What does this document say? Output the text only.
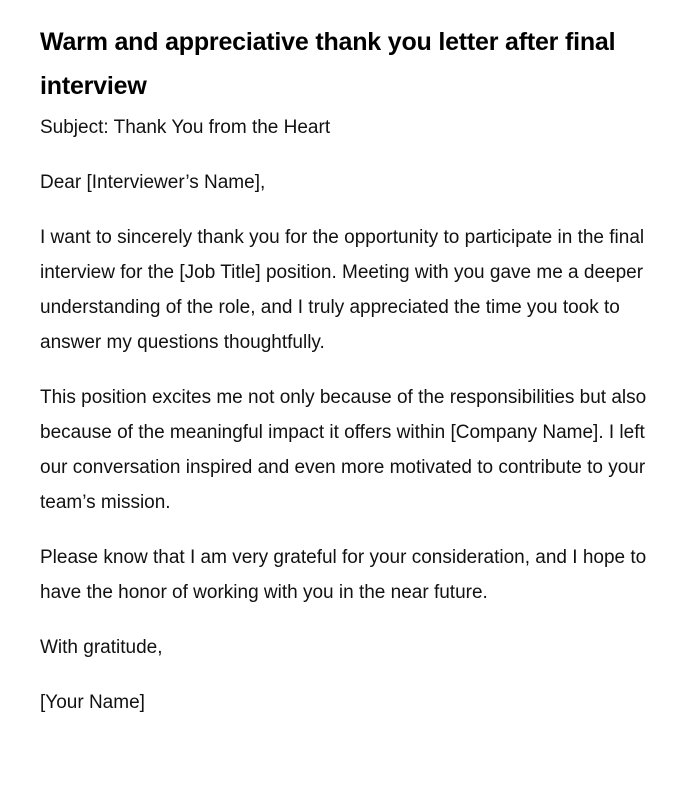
Warm and appreciative thank you letter after final interview

Subject: Thank You from the Heart

Dear [Interviewer’s Name],

I want to sincerely thank you for the opportunity to participate in the final interview for the [Job Title] position. Meeting with you gave me a deeper understanding of the role, and I truly appreciated the time you took to answer my questions thoughtfully.

This position excites me not only because of the responsibilities but also because of the meaningful impact it offers within [Company Name]. I left our conversation inspired and even more motivated to contribute to your team’s mission.

Please know that I am very grateful for your consideration, and I hope to have the honor of working with you in the near future.

With gratitude,

[Your Name]
